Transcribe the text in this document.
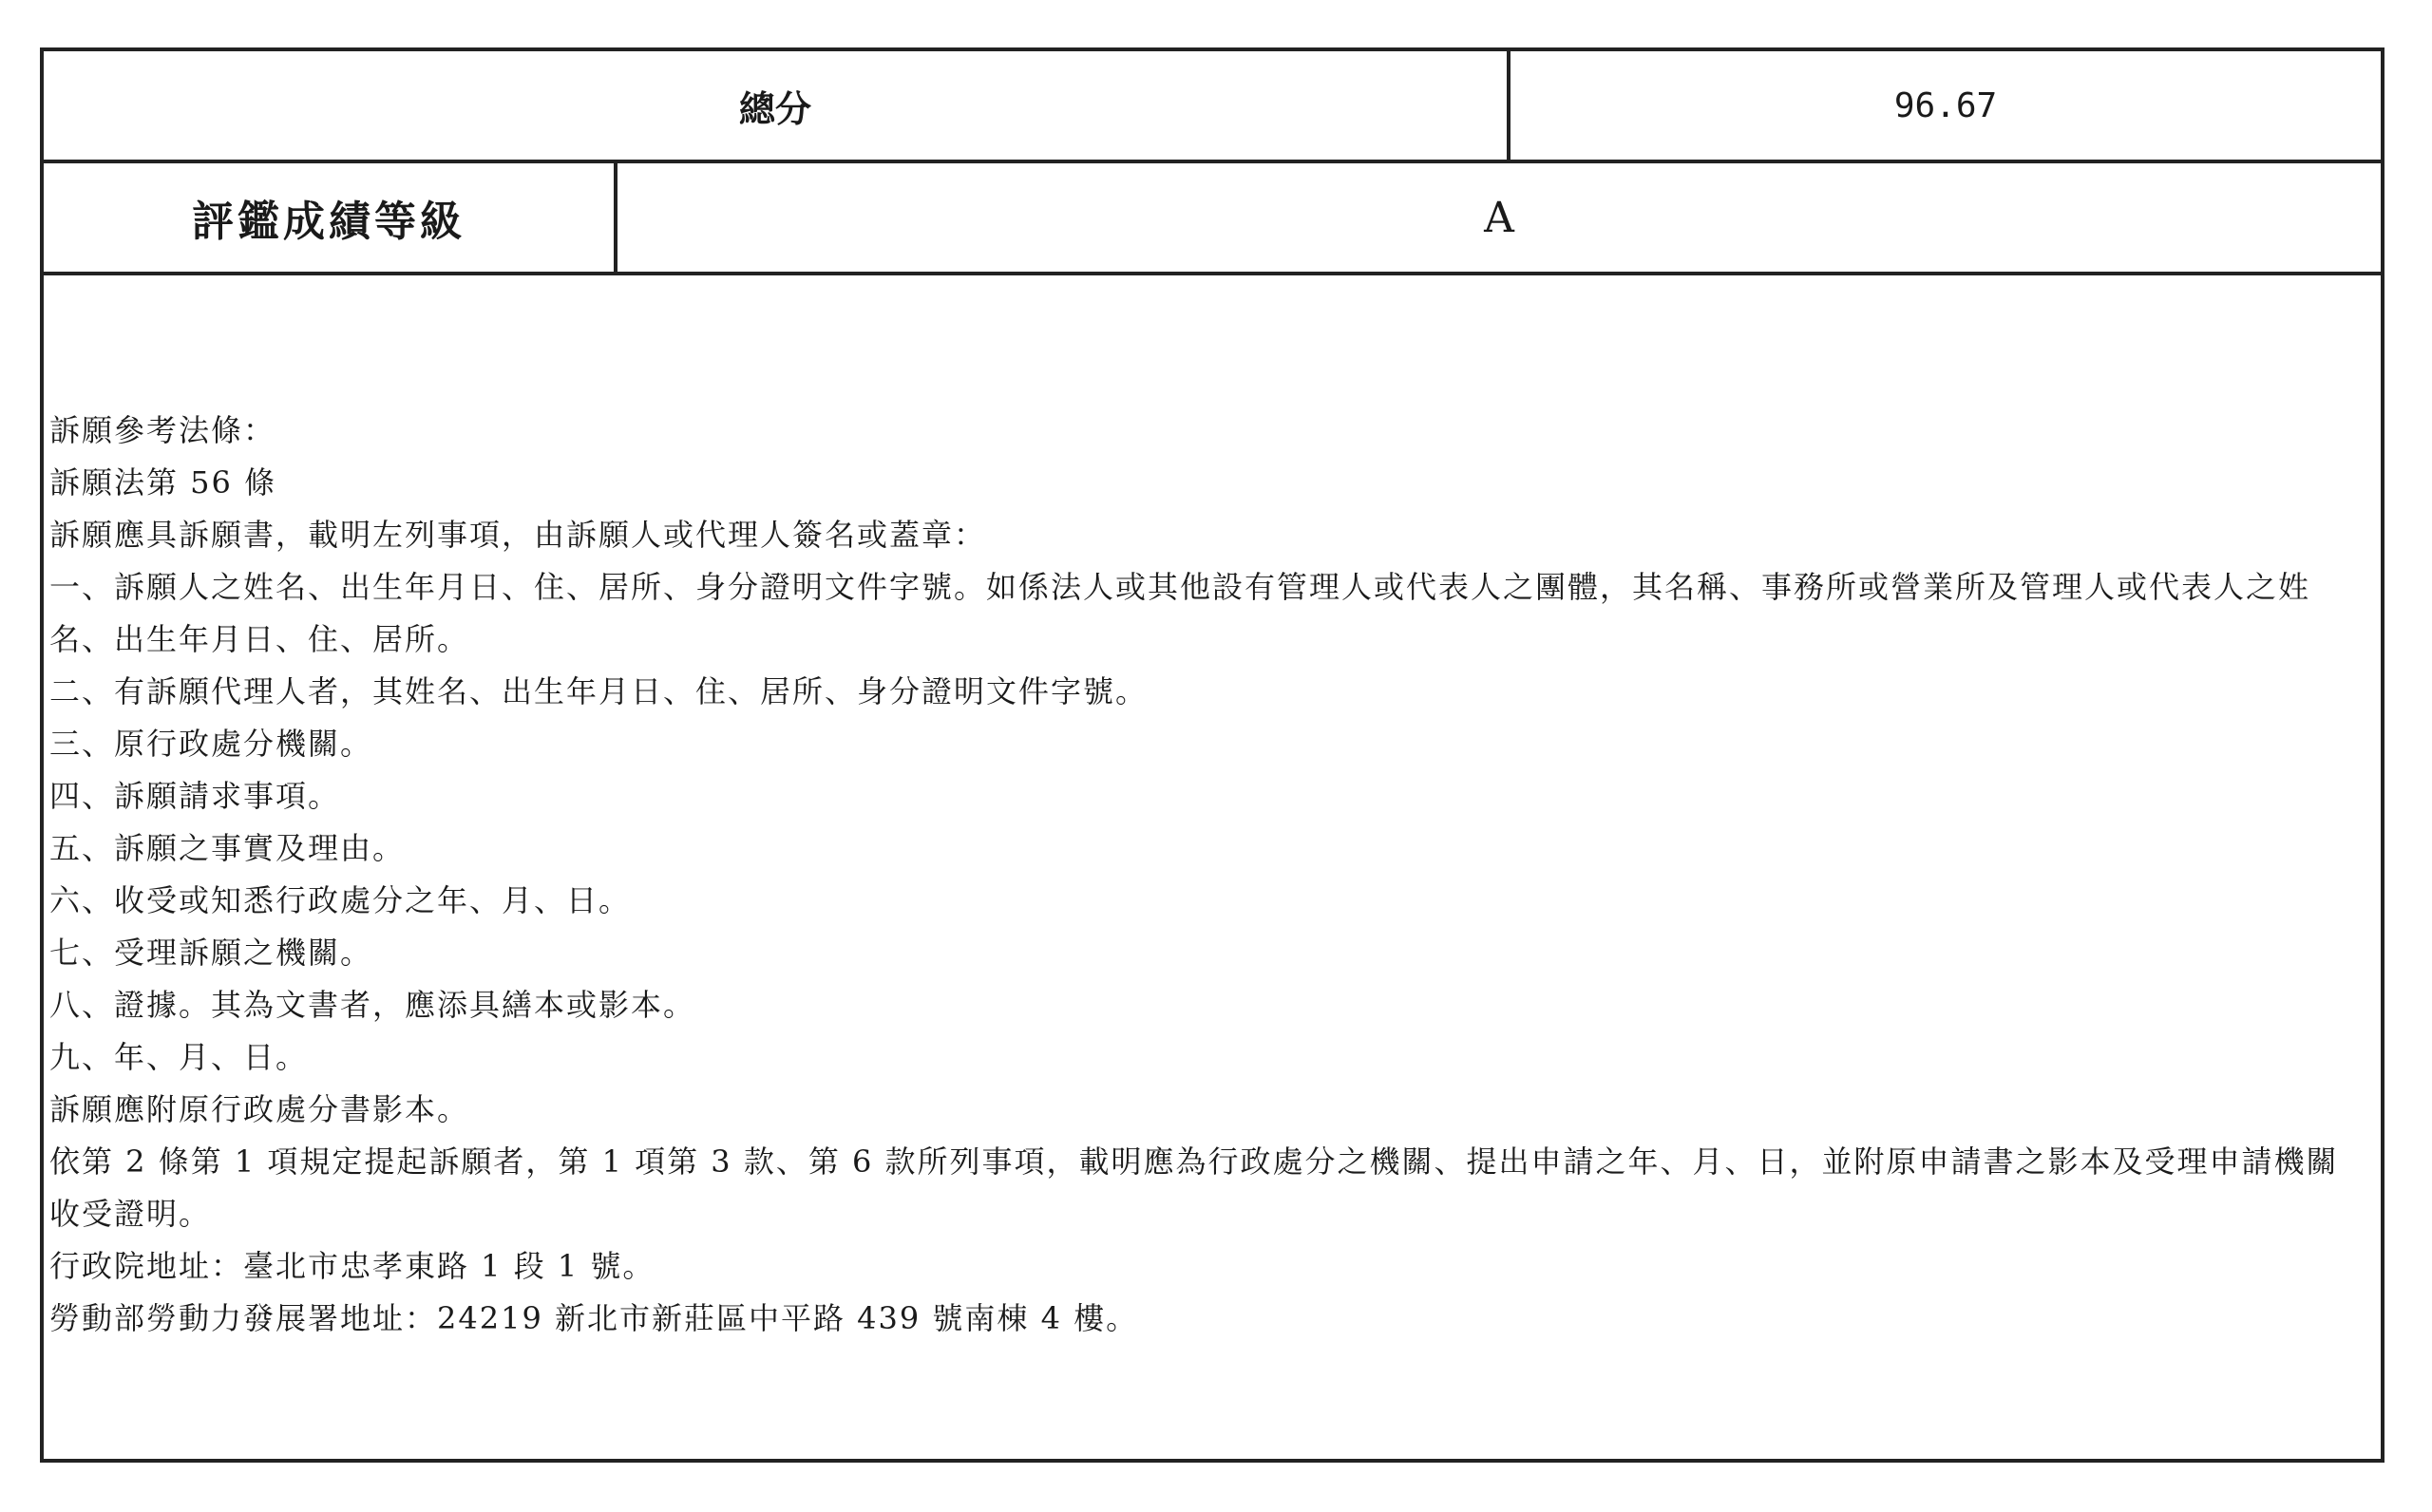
總分	96.67
評鑑成績等級	A
訴願參考法條：
訴願法第 56 條
訴願應具訴願書，載明左列事項，由訴願人或代理人簽名或蓋章：
一、訴願人之姓名、出生年月日、住、居所、身分證明文件字號。如係法人或其他設有管理人或代表人之團體，其名稱、事務所或營業所及管理人或代表人之姓名、出生年月日、住、居所。
二、有訴願代理人者，其姓名、出生年月日、住、居所、身分證明文件字號。
三、原行政處分機關。
四、訴願請求事項。
五、訴願之事實及理由。
六、收受或知悉行政處分之年、月、日。
七、受理訴願之機關。
八、證據。其為文書者，應添具繕本或影本。
九、年、月、日。
訴願應附原行政處分書影本。
依第 2 條第 1 項規定提起訴願者，第 1 項第 3 款、第 6 款所列事項，載明應為行政處分之機關、提出申請之年、月、日，並附原申請書之影本及受理申請機關收受證明。
行政院地址：臺北市忠孝東路 1 段 1 號。
勞動部勞動力發展署地址：24219 新北市新莊區中平路 439 號南棟 4 樓。
